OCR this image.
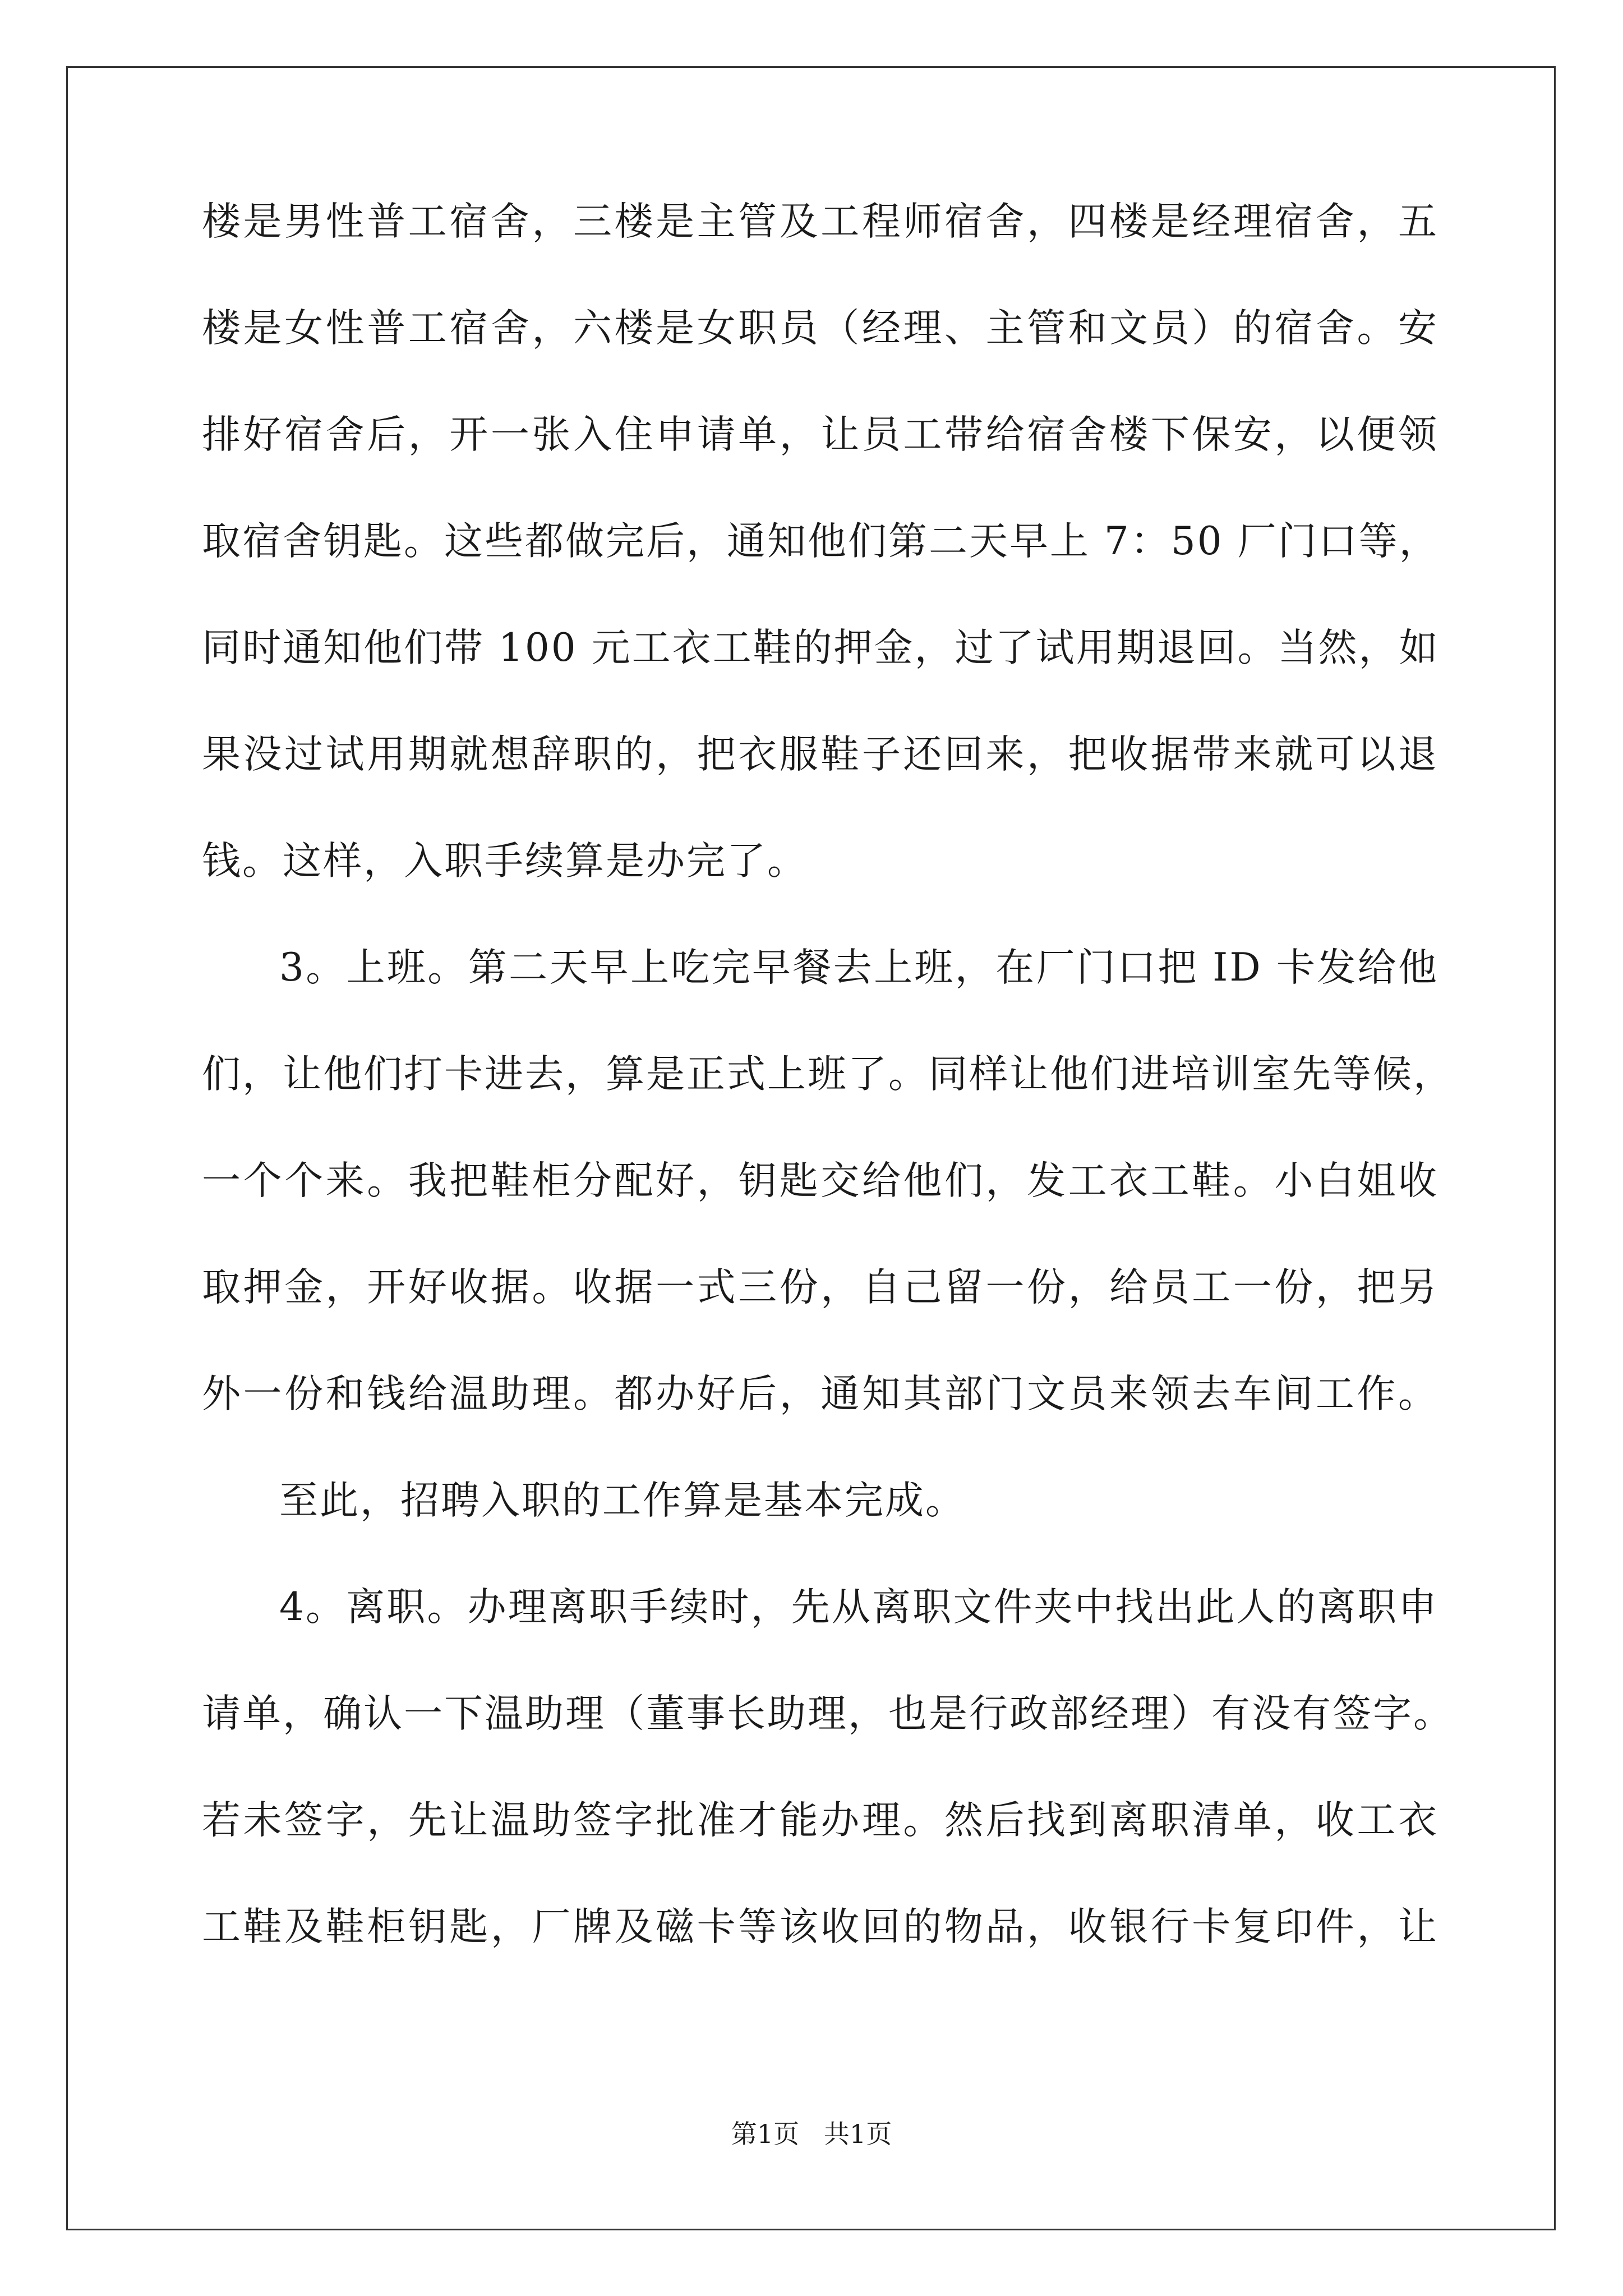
楼是男性普工宿舍，三楼是主管及工程师宿舍，四楼是经理宿舍，五
楼是女性普工宿舍，六楼是女职员（经理、主管和文员）的宿舍。安
排好宿舍后，开一张入住申请单，让员工带给宿舍楼下保安，以便领
取宿舍钥匙。这些都做完后，通知他们第二天早上 7：50 厂门口等，
同时通知他们带 100 元工衣工鞋的押金，过了试用期退回。当然，如
果没过试用期就想辞职的，把衣服鞋子还回来，把收据带来就可以退
钱。这样，入职手续算是办完了。
3。上班。第二天早上吃完早餐去上班，在厂门口把 ID 卡发给他
们，让他们打卡进去，算是正式上班了。同样让他们进培训室先等候，
一个个来。我把鞋柜分配好，钥匙交给他们，发工衣工鞋。小白姐收
取押金，开好收据。收据一式三份，自己留一份，给员工一份，把另
外一份和钱给温助理。都办好后，通知其部门文员来领去车间工作。
至此，招聘入职的工作算是基本完成。
4。离职。办理离职手续时，先从离职文件夹中找出此人的离职申
请单，确认一下温助理（董事长助理，也是行政部经理）有没有签字。
若未签字，先让温助签字批准才能办理。然后找到离职清单，收工衣
工鞋及鞋柜钥匙，厂牌及磁卡等该收回的物品，收银行卡复印件，让
第1页   共1页
